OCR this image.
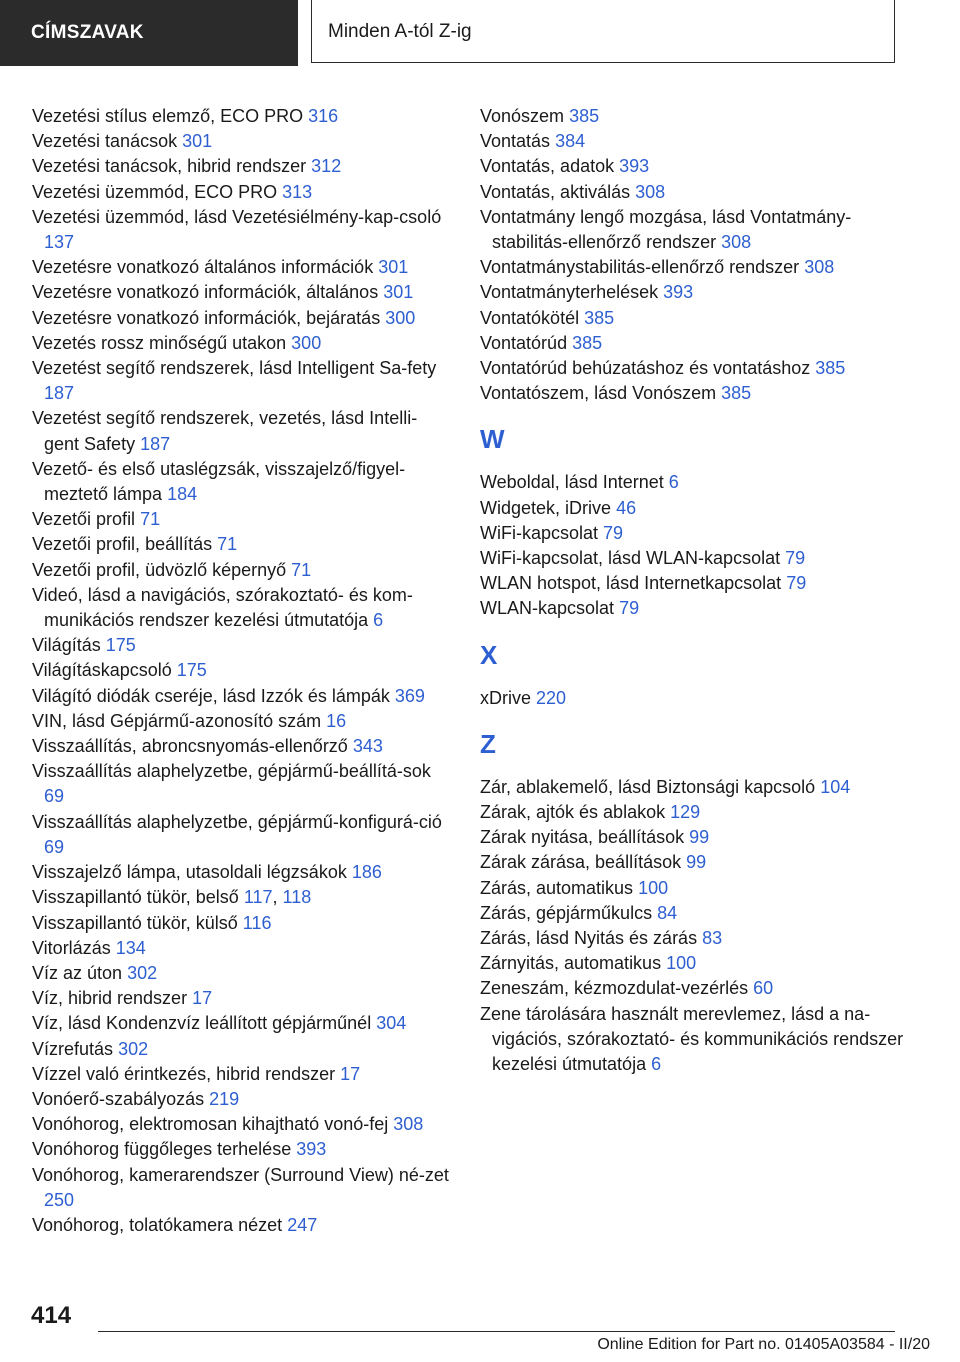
CÍMSZAVAK	Minden A-tól Z-ig
Vezetési stílus elemző, ECO PRO 316
Vezetési tanácsok 301
Vezetési tanácsok, hibrid rendszer 312
Vezetési üzemmód, ECO PRO 313
Vezetési üzemmód, lásd Vezetésiélmény-kap-csoló 137
Vezetésre vonatkozó általános információk 301
Vezetésre vonatkozó információk, általános 301
Vezetésre vonatkozó információk, bejáratás 300
Vezetés rossz minőségű utakon 300
Vezetést segítő rendszerek, lásd Intelligent Sa-fety 187
Vezetést segítő rendszerek, vezetés, lásd Intelli-gent Safety 187
Vezető- és első utaslégzsák, visszajelző/figyel-meztető lámpa 184
Vezetői profil 71
Vezetői profil, beállítás 71
Vezetői profil, üdvözlő képernyő 71
Videó, lásd a navigációs, szórakoztató- és kom-munikációs rendszer kezelési útmutatója 6
Világítás 175
Világításkapcsoló 175
Világító diódák cseréje, lásd Izzók és lámpák 369
VIN, lásd Gépjármű-azonosító szám 16
Visszaállítás, abroncsnyomás-ellenőrző 343
Visszaállítás alaphelyzetbe, gépjármű-beállítá-sok 69
Visszaállítás alaphelyzetbe, gépjármű-konfigurá-ció 69
Visszajelző lámpa, utasoldali légzsákok 186
Visszapillantó tükör, belső 117, 118
Visszapillantó tükör, külső 116
Vitorlázás 134
Víz az úton 302
Víz, hibrid rendszer 17
Víz, lásd Kondenzvíz leállított gépjárműnél 304
Vízrefutás 302
Vízzel való érintkezés, hibrid rendszer 17
Vonóerő-szabályozás 219
Vonóhorog, elektromosan kihajtható vonó-fej 308
Vonóhorog függőleges terhelése 393
Vonóhorog, kamerarendszer (Surround View) né-zet 250
Vonóhorog, tolatókamera nézet 247
Vonószem 385
Vontatás 384
Vontatás, adatok 393
Vontatás, aktiválás 308
Vontatmány lengő mozgása, lásd Vontatmány-stabilitás-ellenőrző rendszer 308
Vontatmánystabilitás-ellenőrző rendszer 308
Vontatmányterhelések 393
Vontatókötél 385
Vontatórúd 385
Vontatórúd behúzatáshoz és vontatáshoz 385
Vontatószem, lásd Vonószem 385
W
Weboldal, lásd Internet 6
Widgetek, iDrive 46
WiFi-kapcsolat 79
WiFi-kapcsolat, lásd WLAN-kapcsolat 79
WLAN hotspot, lásd Internetkapcsolat 79
WLAN-kapcsolat 79
X
xDrive 220
Z
Zár, ablakemelő, lásd Biztonsági kapcsoló 104
Zárak, ajtók és ablakok 129
Zárak nyitása, beállítások 99
Zárak zárása, beállítások 99
Zárás, automatikus 100
Zárás, gépjárműkulcs 84
Zárás, lásd Nyitás és zárás 83
Zárnyitás, automatikus 100
Zeneszám, kézmozdulat-vezérlés 60
Zene tárolására használt merevlemez, lásd a na-vigációs, szórakoztató- és kommunikációs rendszer kezelési útmutatója 6
414
Online Edition for Part no. 01405A03584 - II/20
